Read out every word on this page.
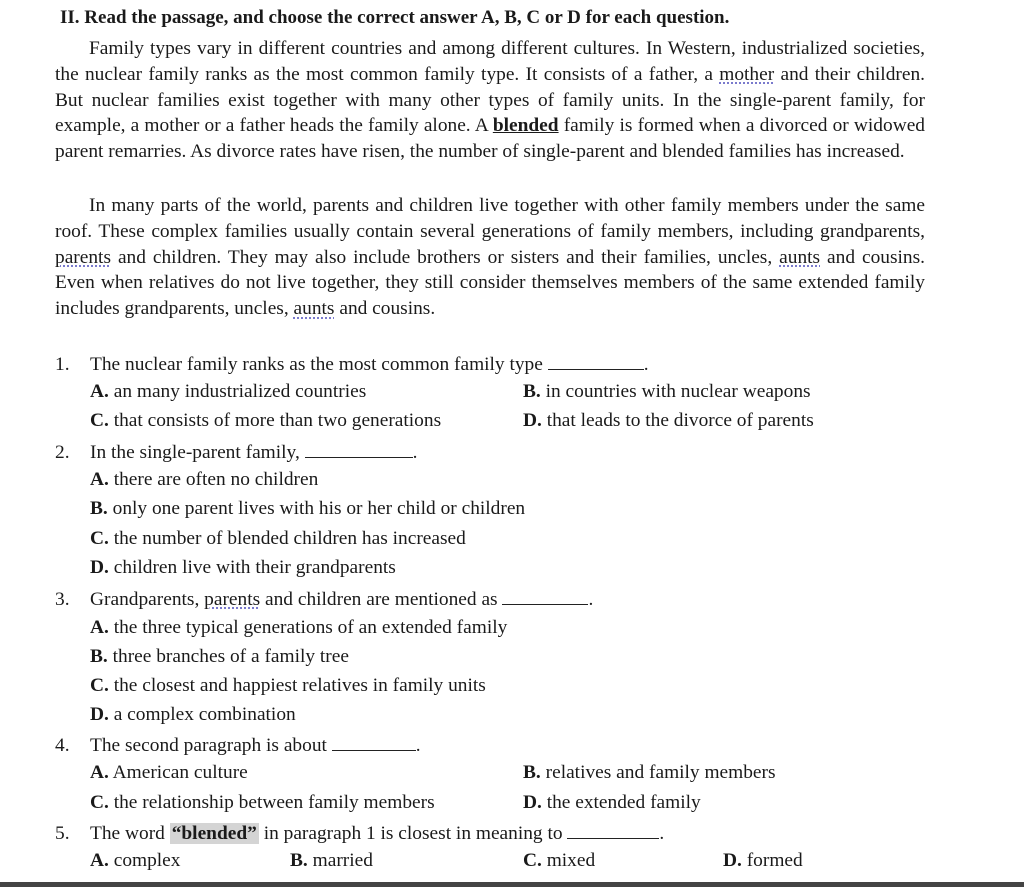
II. Read the passage, and choose the correct answer A, B, C or D for each question.

Family types vary in different countries and among different cultures. In Western, industrialized societies, the nuclear family ranks as the most common family type. It consists of a father, a mother and their children. But nuclear families exist together with many other types of family units. In the single-parent family, for example, a mother or a father heads the family alone. A blended family is formed when a divorced or widowed parent remarries. As divorce rates have risen, the number of single-parent and blended families has increased.

In many parts of the world, parents and children live together with other family members under the same roof. These complex families usually contain several generations of family members, including grandparents, parents and children. They may also include brothers or sisters and their families, uncles, aunts and cousins. Even when relatives do not live together, they still consider themselves members of the same extended family includes grandparents, uncles, aunts and cousins.

1. The nuclear family ranks as the most common family type	.
A. an many industrialized countries	B. in countries with nuclear weapons
C. that consists of more than two generations	D. that leads to the divorce of parents
2. In the single-parent family,	.
A. there are often no children
B. only one parent lives with his or her child or children
C. the number of blended children has increased
D. children live with their grandparents
3. Grandparents, parents and children are mentioned as	.
A. the three typical generations of an extended family
B. three branches of a family tree
C. the closest and happiest relatives in family units
D. a complex combination
4. The second paragraph is about	.
A. American culture	B. relatives and family members
C. the relationship between family members	D. the extended family
5. The word “blended” in paragraph 1 is closest in meaning to	.
A. complex	B. married	C. mixed	D. formed
